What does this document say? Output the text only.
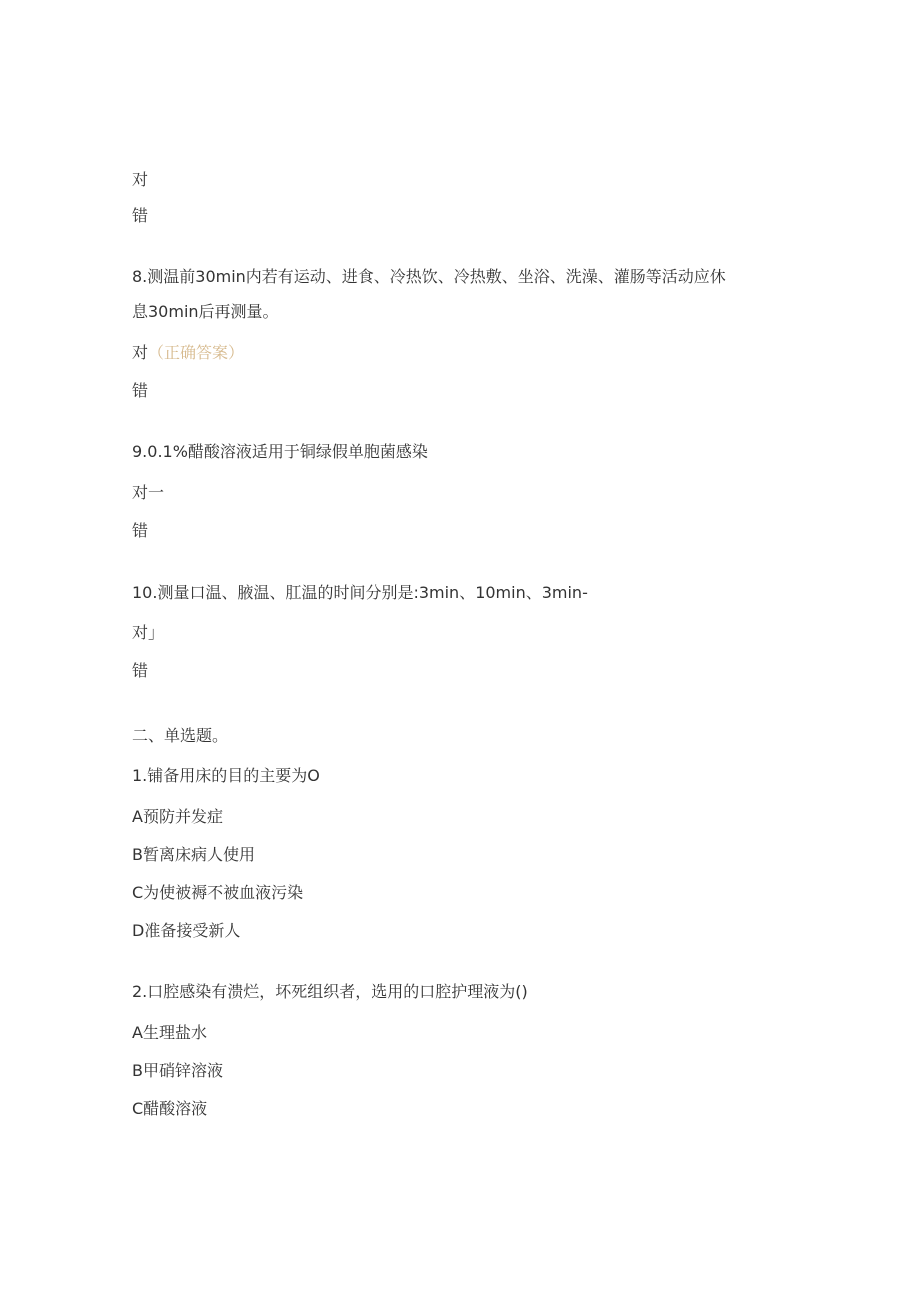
对
错
8.测温前30min内若有运动、进食、冷热饮、冷热敷、坐浴、洗澡、灌肠等活动应休
息30min后再测量。
对（正确答案）
错
9.0.1%醋酸溶液适用于铜绿假单胞菌感染
对一
错
10.测量口温、腋温、肛温的时间分别是:3min、10min、3min-
对」
错
二、单选题。
1.铺备用床的目的主要为O
A预防并发症
B暂离床病人使用
C为使被褥不被血液污染
D准备接受新人
2.口腔感染有溃烂，坏死组织者，选用的口腔护理液为()
A生理盐水
B甲硝锌溶液
C醋酸溶液
